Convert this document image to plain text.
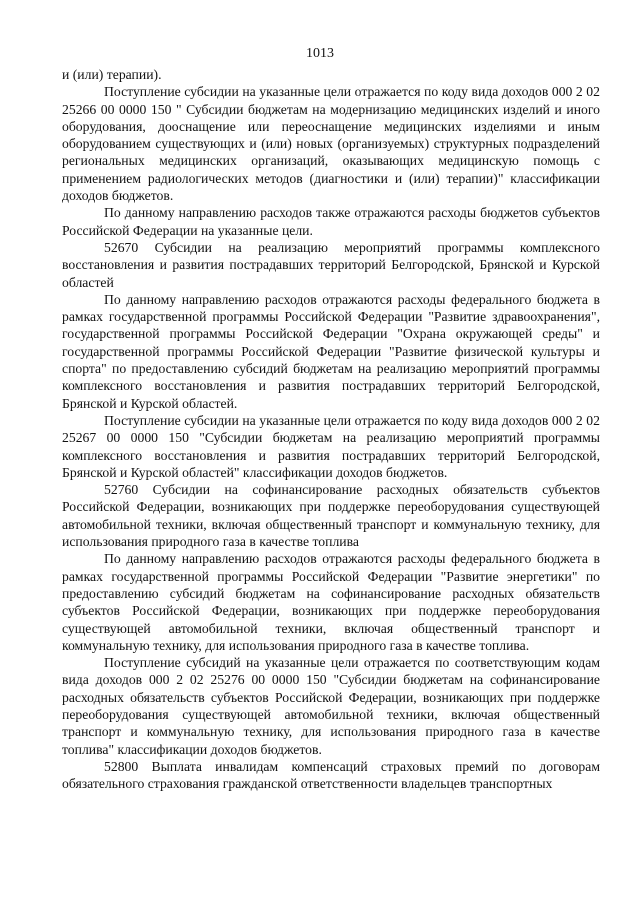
1013

и (или) терапии).

Поступление субсидии на указанные цели отражается по коду вида доходов 000 2 02 25266 00 0000 150 " Субсидии бюджетам на модернизацию медицинских изделий и иного оборудования, дооснащение или переоснащение медицинских изделиями и иным оборудованием существующих и (или) новых (организуемых) структурных подразделений региональных медицинских организаций, оказывающих медицинскую помощь с применением радиологических методов (диагностики и (или) терапии)" классификации доходов бюджетов.

По данному направлению расходов также отражаются расходы бюджетов субъектов Российской Федерации на указанные цели.

52670 Субсидии на реализацию мероприятий программы комплексного восстановления и развития пострадавших территорий Белгородской, Брянской и Курской областей

По данному направлению расходов отражаются расходы федерального бюджета в рамках государственной программы Российской Федерации "Развитие здравоохранения", государственной программы Российской Федерации "Охрана окружающей среды" и государственной программы Российской Федерации "Развитие физической культуры и спорта" по предоставлению субсидий бюджетам на реализацию мероприятий программы комплексного восстановления и развития пострадавших территорий Белгородской, Брянской и Курской областей.

Поступление субсидии на указанные цели отражается по коду вида доходов 000 2 02 25267 00 0000 150 "Субсидии бюджетам на реализацию мероприятий программы комплексного восстановления и развития пострадавших территорий Белгородской, Брянской и Курской областей" классификации доходов бюджетов.

52760 Субсидии на софинансирование расходных обязательств субъектов Российской Федерации, возникающих при поддержке переоборудования существующей автомобильной техники, включая общественный транспорт и коммунальную технику, для использования природного газа в качестве топлива

По данному направлению расходов отражаются расходы федерального бюджета в рамках государственной программы Российской Федерации "Развитие энергетики" по предоставлению субсидий бюджетам на софинансирование расходных обязательств субъектов Российской Федерации, возникающих при поддержке переоборудования существующей автомобильной техники, включая общественный транспорт и коммунальную технику, для использования природного газа в качестве топлива.

Поступление субсидий на указанные цели отражается по соответствующим кодам вида доходов 000 2 02 25276 00 0000 150 "Субсидии бюджетам на софинансирование расходных обязательств субъектов Российской Федерации, возникающих при поддержке переоборудования существующей автомобильной техники, включая общественный транспорт и коммунальную технику, для использования природного газа в качестве топлива" классификации доходов бюджетов.

52800 Выплата инвалидам компенсаций страховых премий по договорам обязательного страхования гражданской ответственности владельцев транспортных
